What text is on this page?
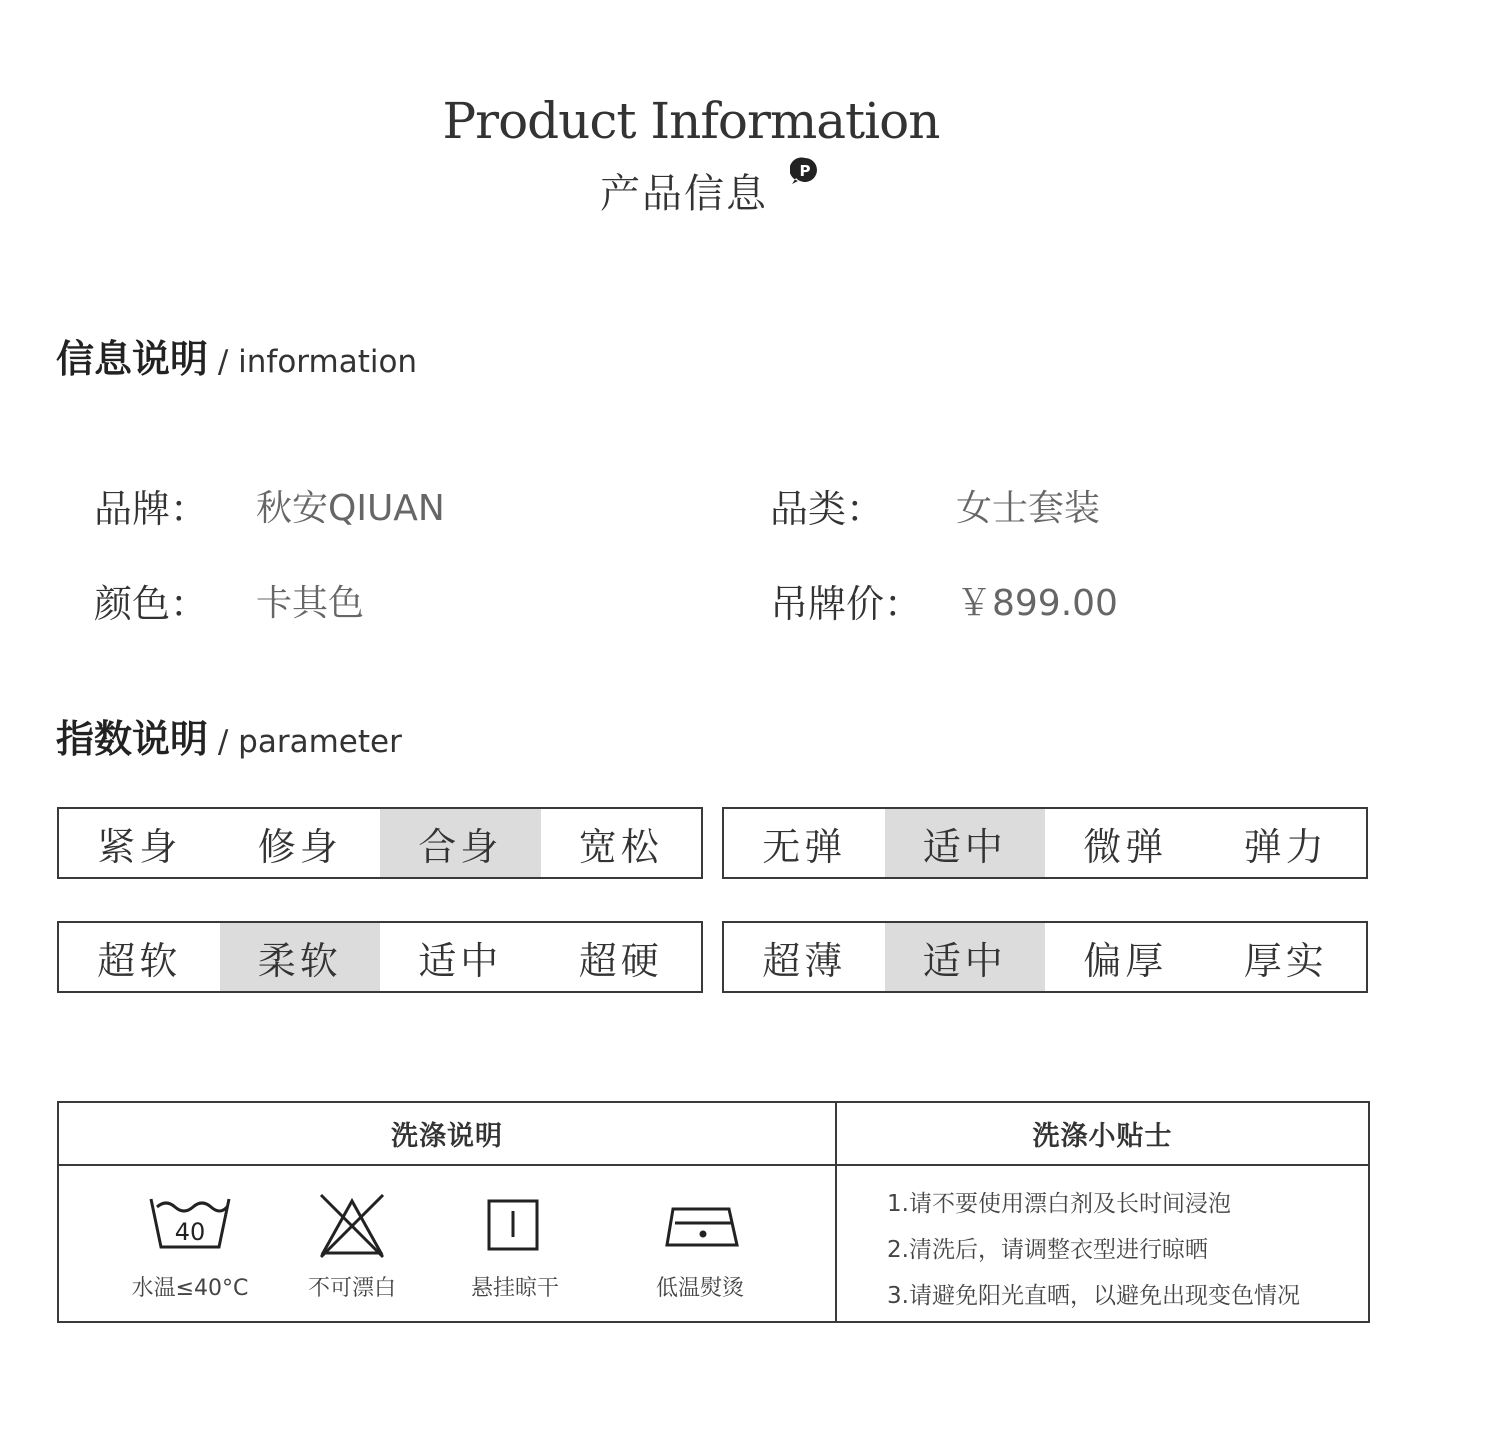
Product Information
产品信息 P
信息说明 / information
品牌： 秋安QIUAN	品类： 女士套装
颜色： 卡其色	吊牌价： ￥899.00
指数说明 / parameter
紧身	修身	合身	宽松	无弹	适中	微弹	弹力
超软	柔软	适中	超硬	超薄	适中	偏厚	厚实
洗涤说明	洗涤小贴士
40
水温≤40°C	不可漂白	悬挂晾干	低温熨烫
1.请不要使用漂白剂及长时间浸泡
2.清洗后，请调整衣型进行晾晒
3.请避免阳光直晒，以避免出现变色情况
